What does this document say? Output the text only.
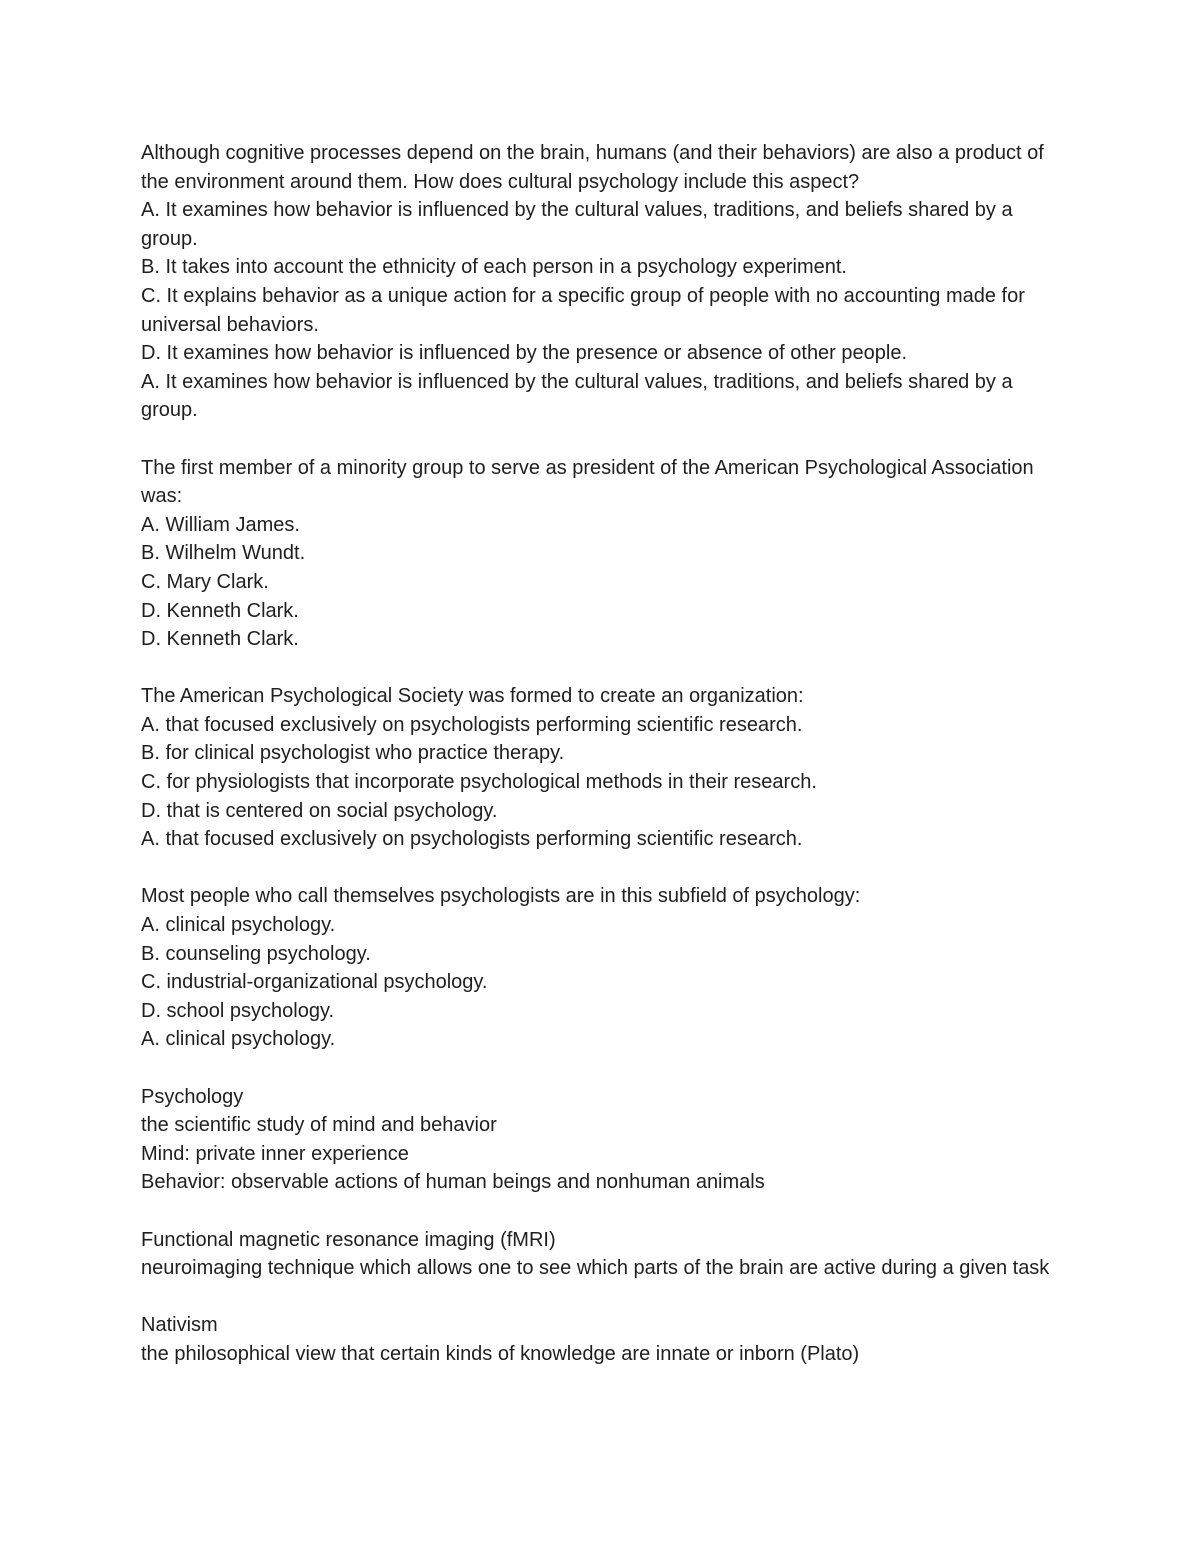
Although cognitive processes depend on the brain, humans (and their behaviors) are also a product of the environment around them. How does cultural psychology include this aspect?
A. It examines how behavior is influenced by the cultural values, traditions, and beliefs shared by a group.
B. It takes into account the ethnicity of each person in a psychology experiment.
C. It explains behavior as a unique action for a specific group of people with no accounting made for universal behaviors.
D. It examines how behavior is influenced by the presence or absence of other people.
A. It examines how behavior is influenced by the cultural values, traditions, and beliefs shared by a group.
The first member of a minority group to serve as president of the American Psychological Association was:
A. William James.
B. Wilhelm Wundt.
C. Mary Clark.
D. Kenneth Clark.
D. Kenneth Clark.
The American Psychological Society was formed to create an organization:
A. that focused exclusively on psychologists performing scientific research.
B. for clinical psychologist who practice therapy.
C. for physiologists that incorporate psychological methods in their research.
D. that is centered on social psychology.
A. that focused exclusively on psychologists performing scientific research.
Most people who call themselves psychologists are in this subfield of psychology:
A. clinical psychology.
B. counseling psychology.
C. industrial-organizational psychology.
D. school psychology.
A. clinical psychology.
Psychology
the scientific study of mind and behavior
Mind: private inner experience
Behavior: observable actions of human beings and nonhuman animals
Functional magnetic resonance imaging (fMRI)
neuroimaging technique which allows one to see which parts of the brain are active during a given task
Nativism
the philosophical view that certain kinds of knowledge are innate or inborn (Plato)
